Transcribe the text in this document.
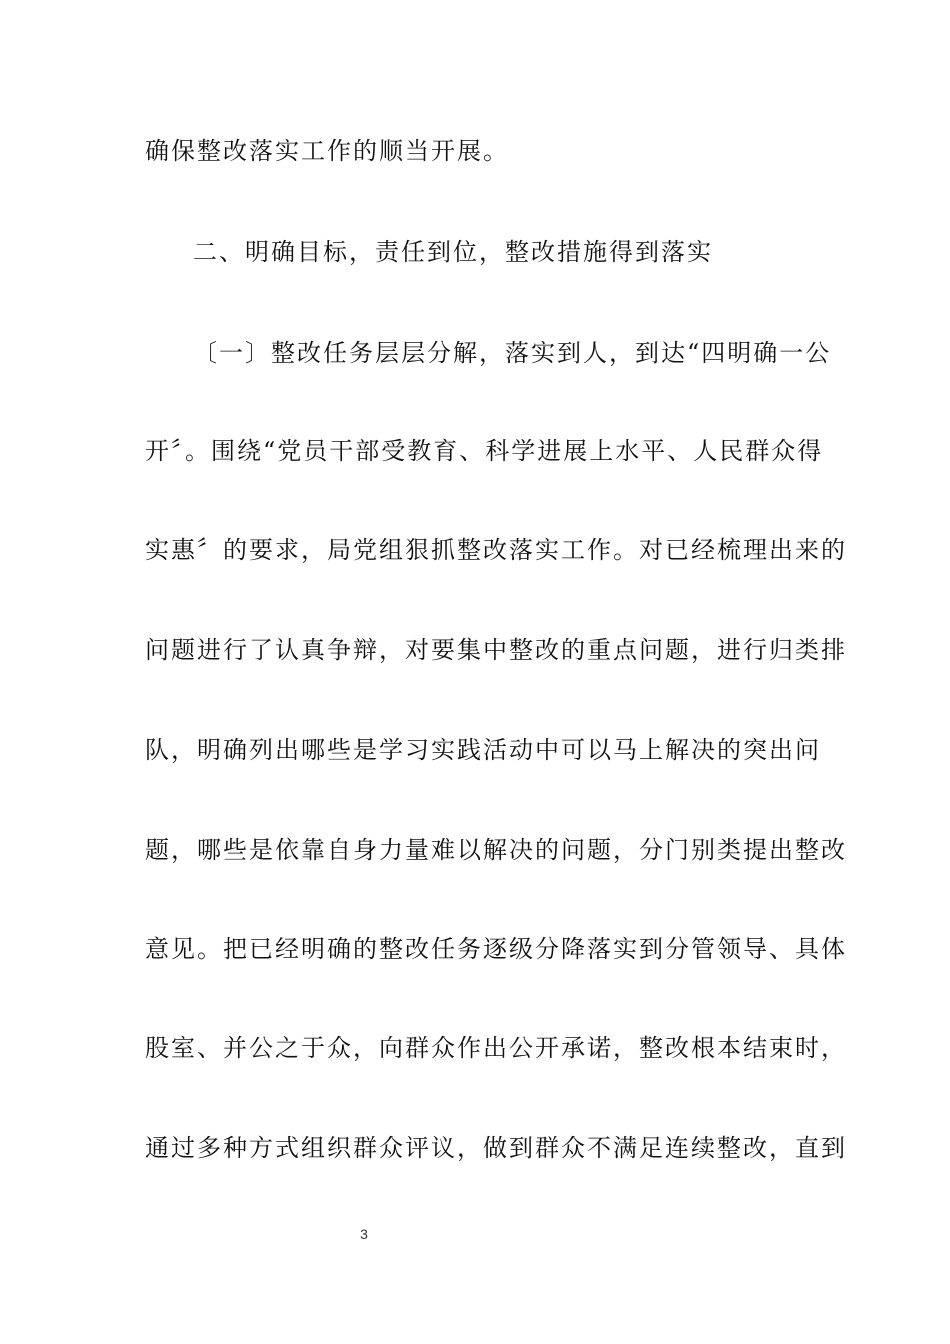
确保整改落实工作的顺当开展。
二、明确目标，责任到位，整改措施得到落实
〔一〕整改任务层层分解，落实到人，到达“四明确一公
开〞。围绕“党员干部受教育、科学进展上水平、人民群众得
实惠〞的要求，局党组狠抓整改落实工作。对已经梳理出来的
问题进行了认真争辩，对要集中整改的重点问题，进行归类排
队，明确列出哪些是学习实践活动中可以马上解决的突出问
题，哪些是依靠自身力量难以解决的问题，分门别类提出整改
意见。把已经明确的整改任务逐级分降落实到分管领导、具体
股室、并公之于众，向群众作出公开承诺，整改根本结束时，
通过多种方式组织群众评议，做到群众不满足连续整改，直到
3
